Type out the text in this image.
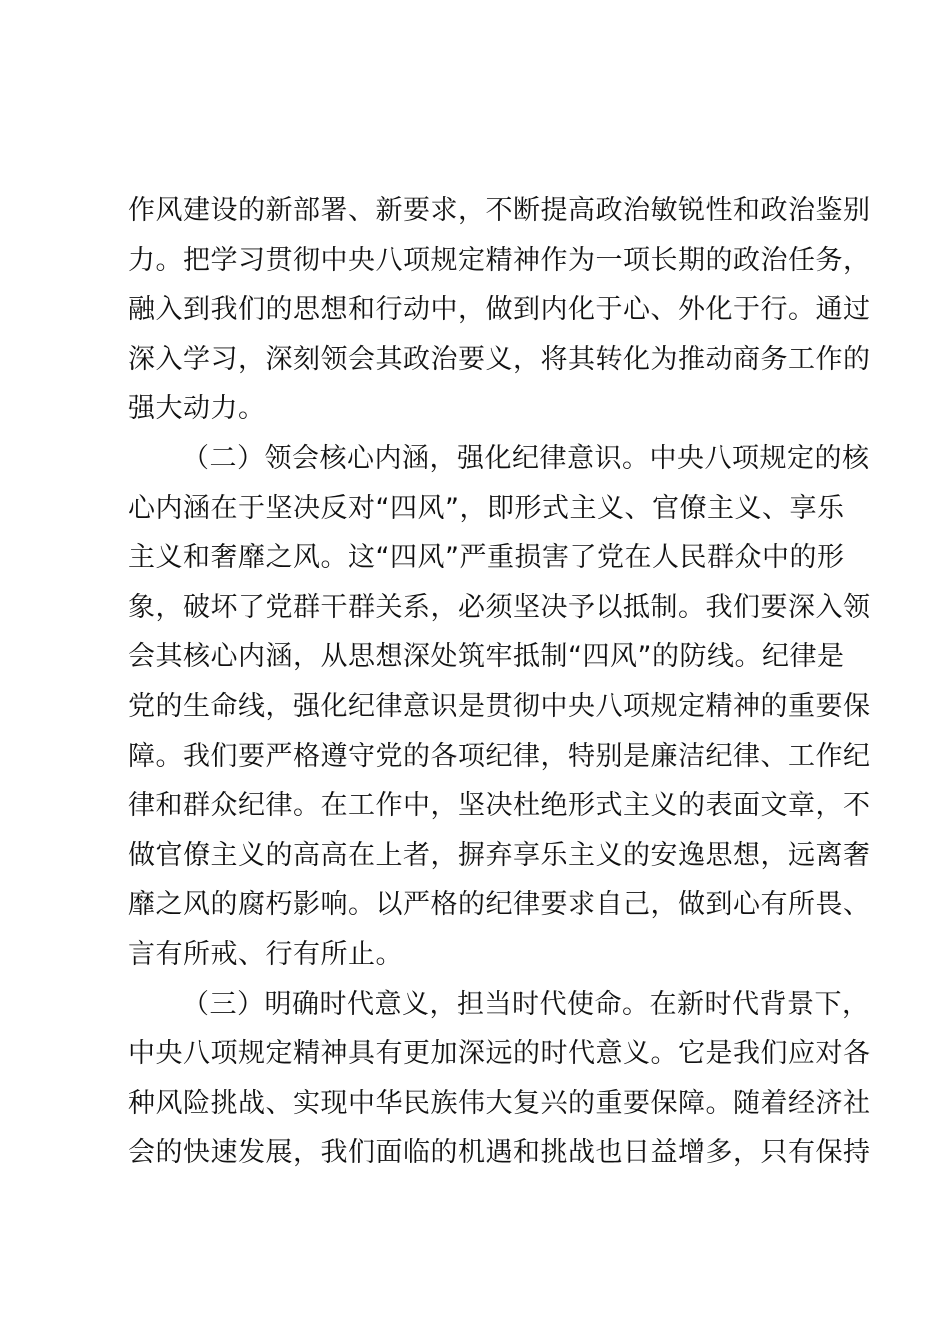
作风建设的新部署、新要求，不断提高政治敏锐性和政治鉴别
力。把学习贯彻中央八项规定精神作为一项长期的政治任务，
融入到我们的思想和行动中，做到内化于心、外化于行。通过
深入学习，深刻领会其政治要义，将其转化为推动商务工作的
强大动力。
（二）领会核心内涵，强化纪律意识。中央八项规定的核
心内涵在于坚决反对“四风”，即形式主义、官僚主义、享乐
主义和奢靡之风。这“四风”严重损害了党在人民群众中的形
象，破坏了党群干群关系，必须坚决予以抵制。我们要深入领
会其核心内涵，从思想深处筑牢抵制“四风”的防线。纪律是
党的生命线，强化纪律意识是贯彻中央八项规定精神的重要保
障。我们要严格遵守党的各项纪律，特别是廉洁纪律、工作纪
律和群众纪律。在工作中，坚决杜绝形式主义的表面文章，不
做官僚主义的高高在上者，摒弃享乐主义的安逸思想，远离奢
靡之风的腐朽影响。以严格的纪律要求自己，做到心有所畏、
言有所戒、行有所止。
（三）明确时代意义，担当时代使命。在新时代背景下，
中央八项规定精神具有更加深远的时代意义。它是我们应对各
种风险挑战、实现中华民族伟大复兴的重要保障。随着经济社
会的快速发展，我们面临的机遇和挑战也日益增多，只有保持
